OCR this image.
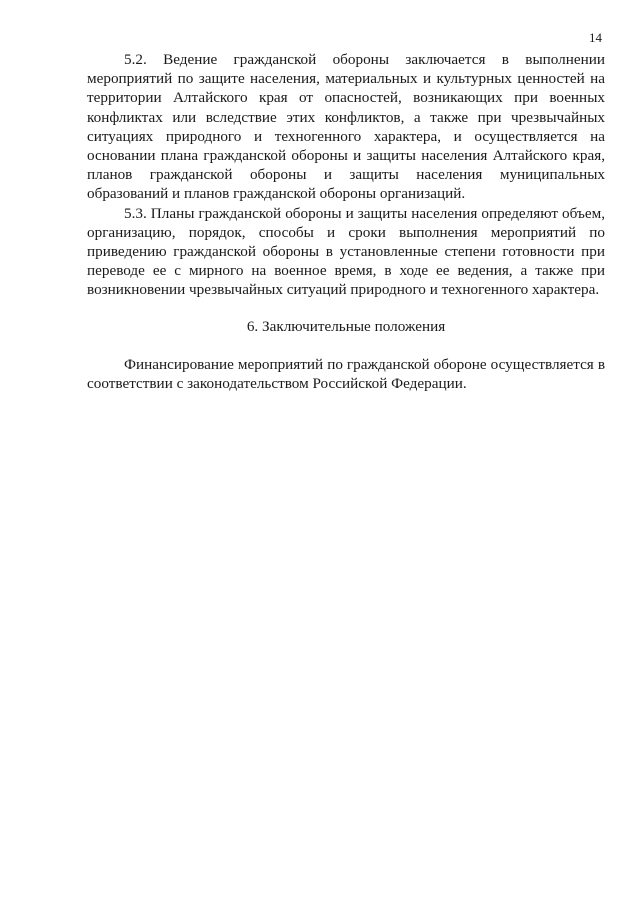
14

5.2. Ведение гражданской обороны заключается в выполнении мероприятий по защите населения, материальных и культурных ценностей на территории Алтайского края от опасностей, возникающих при военных конфликтах или вследствие этих конфликтов, а также при чрезвычайных ситуациях природного и техногенного характера, и осуществляется на основании плана гражданской обороны и защиты населения Алтайского края, планов гражданской обороны и защиты населения муниципальных образований и планов гражданской обороны организаций.

5.3. Планы гражданской обороны и защиты населения определяют объем, организацию, порядок, способы и сроки выполнения мероприятий по приведению гражданской обороны в установленные степени готовности при переводе ее с мирного на военное время, в ходе ее ведения, а также при возникновении чрезвычайных ситуаций природного и техногенного характера.

6. Заключительные положения

Финансирование мероприятий по гражданской обороне осуществляется в соответствии с законодательством Российской Федерации.
